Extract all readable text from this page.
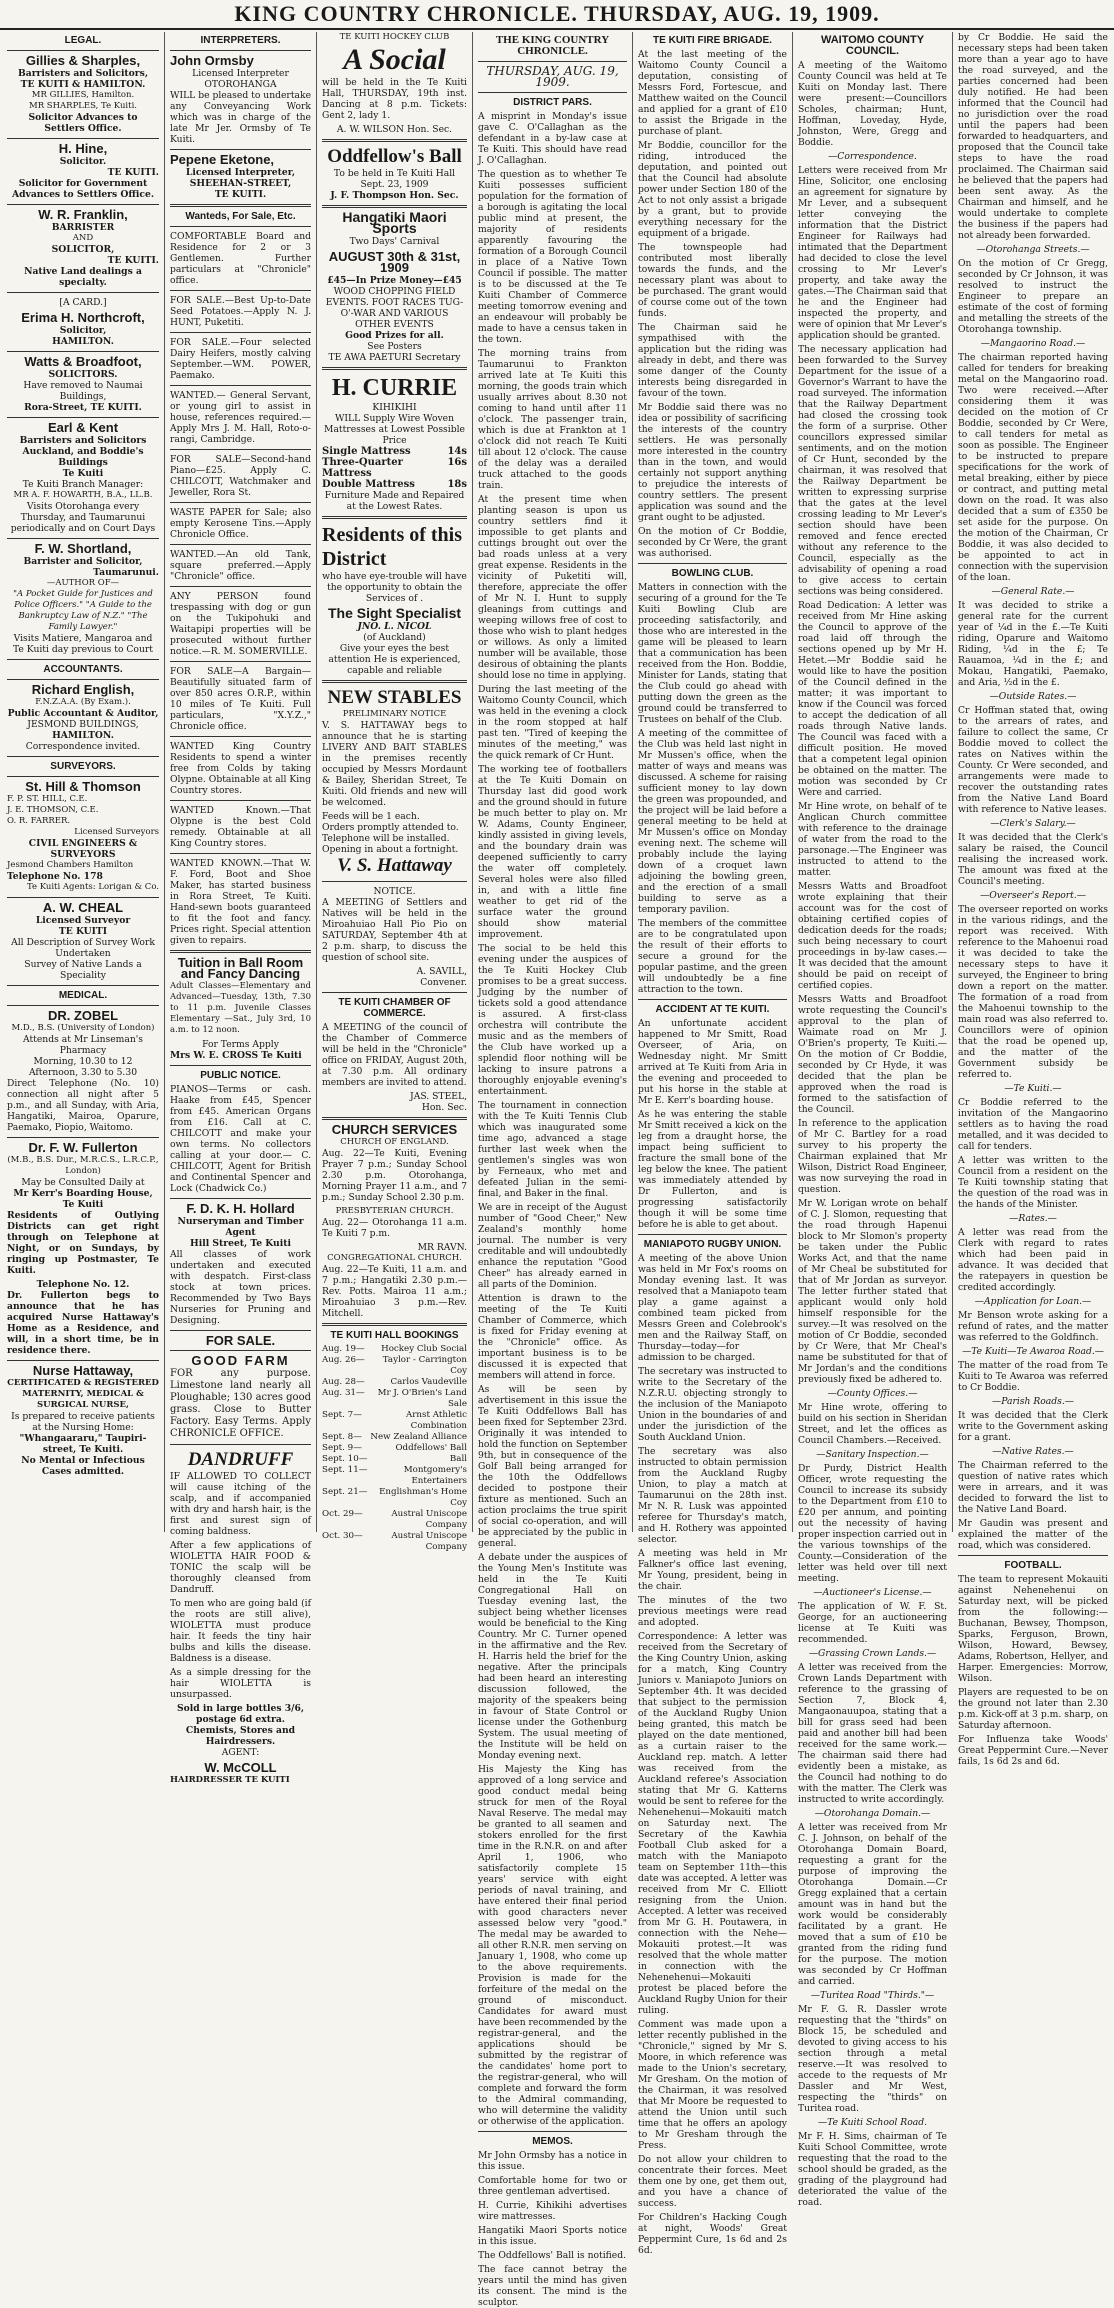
KING COUNTRY CHRONICLE. THURSDAY, AUG. 19, 1909.
LEGAL.
Gillies & Sharples,
Barristers and Solicitors,
TE KUITI & HAMILTON.
MR GILLIES, Hamilton.
MR SHARPLES, Te Kuiti.
Solicitor Advances to Settlers Office.
H. Hine,
Solicitor.
TE KUITI.
Solicitor for Government Advances to Settlers Office.
W. R. Franklin,
BARRISTER
AND
SOLICITOR,
TE KUITI.
Native Land dealings a specialty.
[A CARD.]
Erima H. Northcroft,
Solicitor,
HAMILTON.
Watts & Broadfoot,
SOLICITORS.
Have removed to Naumai Buildings,
Rora-Street, TE KUITI.
Earl & Kent
Barristers and Solicitors
Auckland, and Boddie's Buildings
Te Kuiti
Te Kuiti Branch Manager:
MR A. F. HOWARTH, B.A., LL.B.
Visits Otorohanga every Thursday, and Taumarunui periodically and on Court Days
F. W. Shortland,
Barrister and Solicitor,
Taumarunui.
—AUTHOR OF—
"A Pocket Guide for Justices and Police Officers." "A Guide to the Bankruptcy Law of N.Z." "The Family Lawyer."
Visits Matiere, Mangaroa and Te Kuiti day previous to Court
ACCOUNTANTS.
Richard English,
F.N.Z.A.A. (By Exam.).
Public Accountant & Auditor,
JESMOND BUILDINGS,
HAMILTON.
Correspondence invited.
SURVEYORS.
St. Hill & Thomson
F. P. ST. HILL, C.E.
J. E. THOMSON, C.E.
O. R. FARRER.
Licensed Surveyors
CIVIL ENGINEERS & SURVEYORS
Jesmond Chambers Hamilton
Telephone No. 178
Te Kuiti Agents: Lorigan & Co.
A. W. CHEAL
Licensed Surveyor
TE KUITI
All Description of Survey Work Undertaken
Survey of Native Lands a Speciality
MEDICAL.
DR. ZOBEL
M.D., B.S. (University of London)
Attends at Mr Linseman's Pharmacy
Morning, 10.30 to 12
Afternoon, 3.30 to 5.30

Direct Telephone (No. 10) connection all night after 5 p.m., and all Sunday, with Aria, Hangatiki, Mairoa, Oparure, Paemako, Piopio, Waitomo.

Dr. F. W. Fullerton
(M.B., B.S. Dur., M.R.C.S., L.R.C.P., London)
May be Consulted Daily at
Mr Kerr's Boarding House, Te Kuiti

Residents of Outlying Districts can get right through on Telephone at Night, or on Sundays, by ringing up Postmaster, Te Kuiti.

Telephone No. 12.

Dr. Fullerton begs to announce that he has acquired Nurse Hattaway's Home as a Residence, and will, in a short time, be in residence there.

Nurse Hattaway,
CERTIFICATED & REGISTERED
MATERNITY, MEDICAL & SURGICAL NURSE,
Is prepared to receive patients at the Nursing Home:
"Whangaararu," Taupiri-street, Te Kuiti.
No Mental or Infectious Cases admitted.
INTERPRETERS.
John Ormsby
Licensed Interpreter
OTOROHANGA

WILL be pleased to undertake any Conveyancing Work which was in charge of the late Mr Jer. Ormsby of Te Kuiti.

Pepene Eketone,
Licensed Interpreter,
SHEEHAN-STREET,
TE KUITI.
Wanteds, For Sale, Etc.

COMFORTABLE Board and Residence for 2 or 3 Gentlemen. Further particulars at "Chronicle" office.

FOR SALE.—Best Up-to-Date Seed Potatoes.—Apply N. J. HUNT, Puketiti.

FOR SALE.—Four selected Dairy Heifers, mostly calving September.—WM. POWER, Paemako.

WANTED.— General Servant, or young girl to assist in house, references required.—Apply Mrs J. M. Hall, Roto-o-rangi, Cambridge.

FOR SALE—Second-hand Piano—£25. Apply C. CHILCOTT, Watchmaker and Jeweller, Rora St.

WASTE PAPER for Sale; also empty Kerosene Tins.—Apply Chronicle Office.

WANTED.—An old Tank, square preferred.—Apply "Chronicle" office.

ANY PERSON found trespassing with dog or gun on the Tukipohuki and Waitapipi properties will be prosecuted without further notice.—R. M. SOMERVILLE.

FOR SALE—A Bargain—Beautifully situated farm of over 850 acres O.R.P., within 10 miles of Te Kuiti. Full particulars, "X.Y.Z.," Chronicle office.

WANTED King Country Residents to spend a winter free from Colds by taking Olypne. Obtainable at all King Country stores.

WANTED Known.—That Olypne is the best Cold remedy. Obtainable at all King Country stores.

WANTED KNOWN.—That W. F. Ford, Boot and Shoe Maker, has started business in Rora Street, Te Kuiti. Hand-sewn boots guaranteed to fit the foot and fancy. Prices right. Special attention given to repairs.

Tuition in Ball Room and Fancy Dancing

Adult Classes—Elementary and Advanced—Tuesday, 13th, 7.30 to 11 p.m. Juvenile Classes Elementary —Sat., July 3rd, 10 a.m. to 12 noon.

For Terms Apply
Mrs W. E. CROSS Te Kuiti
PUBLIC NOTICE.

PIANOS—Terms or cash. Haake from £45, Spencer from £45. American Organs from £16. Call at C. CHILCOTT and make your own terms. No collectors calling at your door.— C. CHILCOTT, Agent for British and Continental Spencer and Lock (Chadwick Co.)

F. D. K. H. Hollard
Nurseryman and Timber Agent
Hill Street, Te Kuiti

All classes of work undertaken and executed with despatch. First-class stock at town prices. Recommended by Two Bays Nurseries for Pruning and Designing.

FOR SALE.
GOOD FARM

FOR any purpose. Limestone land nearly all Ploughable; 130 acres good grass. Close to Butter Factory. Easy Terms. Apply CHRONICLE OFFICE.

DANDRUFF

IF ALLOWED TO COLLECT will cause itching of the scalp, and if accompanied with dry and harsh hair, is the first and surest sign of coming baldness.

After a few applications of WIOLETTA HAIR FOOD & TONIC the scalp will be thoroughly cleansed from Dandruff.

To men who are going bald (if the roots are still alive), WIOLETTA must produce hair. It feeds the tiny hair bulbs and kills the disease. Baldness is a disease.

As a simple dressing for the hair WIOLETTA is unsurpassed.

Sold in large bottles 3/6, postage 6d extra. Chemists, Stores and Hairdressers.
AGENT:
W. McCOLL
HAIRDRESSER TE KUITI
TE KUITI HOCKEY CLUB
A Social

will be held in the Te Kuiti Hall, THURSDAY, 19th inst. Dancing at 8 p.m. Tickets: Gent 2, lady 1.

A. W. WILSON Hon. Sec.
Oddfellow's Ball
To be held in Te Kuiti Hall
Sept. 23, 1909
J. F. Thompson Hon. Sec.
Hangatiki Maori Sports
Two Days' Carnival
AUGUST 30th & 31st, 1909
£45—In Prize Money—£45
WOOD CHOPPING FIELD EVENTS. FOOT RACES TUG-O'-WAR AND VARIOUS OTHER EVENTS
Good Prizes for all.
See Posters
TE AWA PAETURI Secretary
H. CURRIE
KIHIKIHI
WILL Supply Wire Woven Mattresses at Lowest Possible Price
Single Mattress	14s
Three-Quarter Mattress	16s
Double Mattress	18s
Furniture Made and Repaired at the Lowest Rates.
Residents of this District
who have eye-trouble will have the opportunity to obtain the Services of .
The Sight Specialist
JNO. L. NICOL
(of Auckland)
Give your eyes the best attention He is experienced, capable and reliable
NEW STABLES
PRELIMINARY NOTICE

V. S. HATTAWAY begs to announce that he is starting LIVERY AND BAIT STABLES in the premises recently occupied by Messrs Mordaunt & Bailey, Sheridan Street, Te Kuiti. Old friends and new will be welcomed.

Feeds will be 1 each.
Orders promptly attended to.
Telephone will be installed.
Opening in about a fortnight.
V. S. Hattaway
NOTICE.

A MEETING of Settlers and Natives will be held in the Miroahuiao Hall Pio Pio on SATURDAY, September 4th at 2 p.m. sharp, to discuss the question of school site.

A. SAVILL,
Convener.
TE KUITI CHAMBER OF COMMERCE.

A MEETING of the council of the Chamber of Commerce will be held in the "Chronicle" office on FRIDAY, August 20th, at 7.30 p.m. All ordinary members are invited to attend.

JAS. STEEL,
Hon. Sec.
CHURCH SERVICES
CHURCH OF ENGLAND.

Aug. 22—Te Kuiti, Evening Prayer 7 p.m.; Sunday School 2.30 p.m. Otorohanga, Morning Prayer 11 a.m., and 7 p.m.; Sunday School 2.30 p.m.

PRESBYTERIAN CHURCH.

Aug. 22— Otorohanga 11 a.m. Te Kuiti 7 p.m.

MR RAVN.
CONGREGATIONAL CHURCH.

Aug. 22—Te Kuiti, 11 a.m. and 7 p.m.; Hangatiki 2.30 p.m.—Rev. Potts. Mairoa 11 a.m.; Miroahuiao 3 p.m.—Rev. Mitchell.

TE KUITI HALL BOOKINGS
Aug. 19—	Hockey Club Social
Aug. 26—	Taylor - Carrington Coy
Aug. 28—	Carlos Vaudeville
Aug. 31—	Mr J. O'Brien's Land Sale
Sept. 7—	Arnst Athletic Combination
Sept. 8—	New Zealand Alliance
Sept. 9—	Oddfellows' Ball
Sept. 10—	Ball
Sept. 11—	Montgomery's Entertainers
Sept. 21—	Englishman's Home Coy
Oct. 29—	Austral Uniscope Company
Oct. 30—	Austral Uniscope Company
THE KING COUNTRY CHRONICLE.
THURSDAY, AUG. 19, 1909.
DISTRICT PARS.

A misprint in Monday's issue gave C. O'Callaghan as the defendant in a by-law case at Te Kuiti. This should have read J. O'Callaghan.

The question as to whether Te Kuiti possesses sufficient population for the formation of a borough is agitating the local public mind at present, the majority of residents apparently favouring the formation of a Borough Council in place of a Native Town Council if possible. The matter is to be discussed at the Te Kuiti Chamber of Commerce meeting tomorrow evening and an endeavour will probably be made to have a census taken in the town.

The morning trains from Taumarunui to Frankton arrived late at Te Kuiti this morning, the goods train which usually arrives about 8.30 not coming to hand until after 11 o'clock. The passenger train, which is due at Frankton at 1 o'clock did not reach Te Kuiti till about 12 o'clock. The cause of the delay was a derailed truck attached to the goods train.

At the present time when planting season is upon us country settlers find it impossible to get plants and cuttings brought out over the bad roads unless at a very great expense. Residents in the vicinity of Puketiti will, therefore, appreciate the offer of Mr N. I. Hunt to supply gleanings from cuttings and weeping willows free of cost to those who wish to plant hedges or willows. As only a limited number will be available, those desirous of obtaining the plants should lose no time in applying.

During the last meeting of the Waitomo County Council, which was held in the evening a clock in the room stopped at half past ten. "Tired of keeping the minutes of the meeting," was the quick remark of Cr Hunt.

The working tee of footballers at the Te Kuiti Domain on Thursday last did good work and the ground should in future be much better to play on. Mr W. Adams, County Engineer, kindly assisted in giving levels, and the boundary drain was deepened sufficiently to carry the water off completely. Several holes were also filled in, and with a little fine weather to get rid of the surface water the ground should show material improvement.

The social to be held this evening under the auspices of the Te Kuiti Hockey Club promises to be a great success. Judging by the number of tickets sold a good attendance is assured. A first-class orchestra will contribute the music and as the members of the Club have worked up a splendid floor nothing will be lacking to insure patrons a thoroughly enjoyable evening's entertainment.

The tournament in connection with the Te Kuiti Tennis Club which was inaugurated some time ago, advanced a stage further last week when the gentlemen's singles was won by Ferneaux, who met and defeated Julian in the semi-final, and Baker in the final.

We are in receipt of the August number of "Good Cheer," New Zealand's monthly home journal. The number is very creditable and will undoubtedly enhance the reputation "Good Cheer" has already earned in all parts of the Dominion.

Attention is drawn to the meeting of the Te Kuiti Chamber of Commerce, which is fixed for Friday evening at the "Chronicle" office. As important business is to be discussed it is expected that members will attend in force.

As will be seen by advertisement in this issue the Te Kuiti Oddfellows Ball has been fixed for September 23rd. Originally it was intended to hold the function on September 9th, but in consequence of the Golf Ball being arranged for the 10th the Oddfellows decided to postpone their fixture as mentioned. Such an action proclaims the true spirit of social co-operation, and will be appreciated by the public in general.

A debate under the auspices of the Young Men's Institute was held in the Te Kuiti Congregational Hall on Tuesday evening last, the subject being whether licenses would be beneficial to the King Country. Mr C. Turner opened in the affirmative and the Rev. H. Harris held the brief for the negative. After the principals had been heard an interesting discussion followed, the majority of the speakers being in favour of State Control or license under the Gothenburg System. The usual meeting of the Institute will be held on Monday evening next.

His Majesty the King has approved of a long service and good conduct medal being struck for men of the Royal Naval Reserve. The medal may be granted to all seamen and stokers enrolled for the first time in the R.N.R. on and after April 1, 1906, who satisfactorily complete 15 years' service with eight periods of naval training, and have entered their final period with good characters never assessed below very "good." The medal may be awarded to all other R.N.R. men serving on January 1, 1908, who come up to the above requirements. Provision is made for the forfeiture of the medal on the ground of misconduct. Candidates for award must have been recommended by the registrar-general, and the applications should be submitted by the registrar of the candidates' home port to the registrar-general, who will complete and forward the form to the Admiral commanding, who will determine the validity or otherwise of the application.

MEMOS.

Mr John Ormsby has a notice in this issue.

Comfortable home for two or three gentleman advertised.

H. Currie, Kihikihi advertises wire mattresses.

Hangatiki Maori Sports notice in this issue.

The Oddfellows' Ball is notified.

The face cannot betray the years until the mind has given its consent. The mind is the sculptor.

TE KUITI FIRE BRIGADE.

At the last meeting of the Waitomo County Council a deputation, consisting of Messrs Ford, Fortescue, and Matthew waited on the Council and applied for a grant of £10 to assist the Brigade in the purchase of plant.

Mr Boddie, councillor for the riding, introduced the deputation, and pointed out that the Council had absolute power under Section 180 of the Act to not only assist a brigade by a grant, but to provide everything necessary for the equipment of a brigade.

The townspeople had contributed most liberally towards the funds, and the necessary plant was about to be purchased. The grant would of course come out of the town funds.

The Chairman said he sympathised with the application but the riding was already in debt, and there was some danger of the County interests being disregarded in favour of the town.

Mr Boddie said there was no idea or possibility of sacrificing the interests of the country settlers. He was personally more interested in the country than in the town, and would certainly not support anything to prejudice the interests of country settlers. The present application was sound and the grant ought to be adjusted.

On the motion of Cr Boddie, seconded by Cr Were, the grant was authorised.

BOWLING CLUB.

Matters in connection with the securing of a ground for the Te Kuiti Bowling Club are proceeding satisfactorily, and those who are interested in the game will be pleased to learn that a communication has been received from the Hon. Boddie, Minister for Lands, stating that the Club could go ahead with putting down the green as the ground could be transferred to Trustees on behalf of the Club.

A meeting of the committee of the Club was held last night in Mr Mussen's office, when the matter of ways and means was discussed. A scheme for raising sufficient money to lay down the green was propounded, and the project will be laid before a general meeting to be held at Mr Mussen's office on Monday evening next. The scheme will probably include the laying down of a croquet lawn adjoining the bowling green, and the erection of a small building to serve as a temporary pavilion.

The members of the committee are to be congratulated upon the result of their efforts to secure a ground for the popular pastime, and the green will undoubtedly be a fine attraction to the town.

ACCIDENT AT TE KUITI.

An unfortunate accident happened to Mr Smitt, Road Overseer, of Aria, on Wednesday night. Mr Smitt arrived at Te Kuiti from Aria in the evening and proceeded to put his horse in the stable at Mr E. Kerr's boarding house.

As he was entering the stable Mr Smitt received a kick on the leg from a draught horse, the impact being sufficient to fracture the small bone of the leg below the knee. The patient was immediately attended by Dr Fullerton, and is progressing satisfactorily though it will be some time before he is able to get about.

MANIAPOTO RUGBY UNION.

A meeting of the above Union was held in Mr Fox's rooms on Monday evening last. It was resolved that a Maniapoto team play a game against a combined team picked from Messrs Green and Colebrook's men and the Railway Staff, on Thursday—today—for admission to be charged.

The secretary was instructed to write to the Secretary of the N.Z.R.U. objecting strongly to the inclusion of the Maniapoto Union in the boundaries of and under the jurisdiction of the South Auckland Union.

The secretary was also instructed to obtain permission from the Auckland Rugby Union, to play a match at Taumarunui on the 28th inst. Mr N. R. Lusk was appointed referee for Thursday's match, and H. Rothery was appointed selector.

A meeting was held in Mr Falkner's office last evening, Mr Young, president, being in the chair.

The minutes of the two previous meetings were read and adopted.

Correspondence: A letter was received from the Secretary of the King Country Union, asking for a match, King Country Juniors v. Maniapoto Juniors on September 4th. It was decided that subject to the permission of the Auckland Rugby Union being granted, this match be played on the date mentioned, as a curtain raiser to the Auckland rep. match. A letter was received from the Auckland referee's Association stating that Mr G. Katterns would be sent to referee for the Nehenehenui—Mokauiti match on Saturday next. The Secretary of the Kawhia Football Club asked for a match with the Maniapoto team on September 11th—this date was accepted. A letter was received from Mr C. Elliott resigning from the Union. Accepted. A letter was received from Mr G. H. Poutawera, in connection with the Nehe—Mokauiti protest.—It was resolved that the whole matter in connection with the Nehenehenui—Mokauiti protest be placed before the Auckland Rugby Union for their ruling.

Comment was made upon a letter recently published in the "Chronicle," signed by Mr S. Moore, in which reference was made to the Union's secretary, Mr Gresham. On the motion of the Chairman, it was resolved that Mr Moore be requested to attend the Union until such time that he offers an apology to Mr Gresham through the Press.

Do not allow your children to concentrate their forces. Meet them one by one, get them out, and you have a chance of success.

For Children's Hacking Cough at night, Woods' Great Peppermint Cure, 1s 6d and 2s 6d.

WAITOMO COUNTY COUNCIL.

A meeting of the Waitomo County Council was held at Te Kuiti on Monday last. There were present:—Councillors Scholes, chairman; Hunt, Hoffman, Loveday, Hyde, Johnston, Were, Gregg and Boddie.

—Correspondence.

Letters were received from Mr Hine, Solicitor, one enclosing an agreement for signature by Mr Lever, and a subsequent letter conveying the information that the District Engineer for Railways had intimated that the Department had decided to close the level crossing to Mr Lever's property, and take away the gates.—The Chairman said that he and the Engineer had inspected the property, and were of opinion that Mr Lever's application should be granted.

The necessary application had been forwarded to the Survey Department for the issue of a Governor's Warrant to have the road surveyed. The information that the Railway Department had closed the crossing took the form of a surprise. Other councillors expressed similar sentiments, and on the motion of Cr Hunt, seconded by the chairman, it was resolved that the Railway Department be written to expressing surprise that the gates at the level crossing leading to Mr Lever's section should have been removed and fence erected without any reference to the Council, especially as the advisability of opening a road to give access to certain sections was being considered.

Road Dedication: A letter was received from Mr Hine asking the Council to approve of the road laid off through the sections opened up by Mr H. Hetet.—Mr Boddie said he would like to have the position of the Council defined in the matter; it was important to know if the Council was forced to accept the dedication of all roads through Native lands. The Council was faced with a difficult position. He moved that a competent legal opinion be obtained on the matter. The motion was seconded by Cr Were and carried.

Mr Hine wrote, on behalf of te Anglican Church committee with reference to the drainage of water from the road to the parsonage.—The Engineer was instructed to attend to the matter.

Messrs Watts and Broadfoot wrote explaining that their account was for the cost of obtaining certified copies of dedication deeds for the roads; such being necessary to court proceedings in by-law cases.—It was decided that the amount should be paid on receipt of certified copies.

Messrs Watts and Broadfoot wrote requesting the Council's approval to the plan of Waimate road on Mr J. O'Brien's property, Te Kuiti.—On the motion of Cr Boddie, seconded by Cr Hyde, it was decided that the plan be approved when the road is formed to the satisfaction of the Council.

In reference to the application of Mr C. Bartley for a road survey to his property the Chairman explained that Mr Wilson, District Road Engineer, was now surveying the road in question.

Mr W. Lorigan wrote on behalf of C. J. Slomon, requesting that the road through Hapenui block to Mr Slomon's property be taken under the Public Works Act, and that the name of Mr Cheal be substituted for that of Mr Jordan as surveyor. The letter further stated that applicant would only hold himself responsible for the survey.—It was resolved on the motion of Cr Boddie, seconded by Cr Were, that Mr Cheal's name be substituted for that of Mr Jordan's and the conditions previously fixed be adhered to.

—County Offices.—

Mr Hine wrote, offering to build on his section in Sheridan Street, and let the offices as Council Chambers.—Received.

—Sanitary Inspection.—

Dr Purdy, District Health Officer, wrote requesting the Council to increase its subsidy to the Department from £10 to £20 per annum, and pointing out the necessity of having proper inspection carried out in the various townships of the County.—Consideration of the letter was held over till next meeting.

—Auctioneer's License.—

The application of W. F. St. George, for an auctioneering license at Te Kuiti was recommended.

—Grassing Crown Lands.—

A letter was received from the Crown Lands Department with reference to the grassing of Section 7, Block 4, Mangaonauupoa, stating that a bill for grass seed had been paid and another bill had been received for the same work.—The chairman said there had evidently been a mistake, as the Council had nothing to do with the matter. The Clerk was instructed to write accordingly.

—Otorohanga Domain.—

A letter was received from Mr C. J. Johnson, on behalf of the Otorohanga Domain Board, requesting a grant for the purpose of improving the Otorohanga Domain.—Cr Gregg explained that a certain amount was in hand but the work would be considerably facilitated by a grant. He moved that a sum of £10 be granted from the riding fund for the purpose. The motion was seconded by Cr Hoffman and carried.

—Turitea Road "Thirds."—

Mr F. G. R. Dassler wrote requesting that the "thirds" on Block 15, be scheduled and devoted to giving access to his section through a metal reserve.—It was resolved to accede to the requests of Mr Dassler and Mr West, respecting the "thirds" on Turitea road.

—Te Kuiti School Road.

Mr F. H. Sims, chairman of Te Kuiti School Committee, wrote requesting that the road to the school should be graded, as the grading of the playground had deteriorated the value of the road.

by Cr Boddie. He said the necessary steps had been taken more than a year ago to have the road surveyed, and the parties concerned had been duly notified. He had been informed that the Council had no jurisdiction over the road until the papers had been forwarded to headquarters, and proposed that the Council take steps to have the road proclaimed. The Chairman said he believed that the papers had been sent away. As the Chairman and himself, and he would undertake to complete the business if the papers had not already been forwarded.

—Otorohanga Streets.—

On the motion of Cr Gregg, seconded by Cr Johnson, it was resolved to instruct the Engineer to prepare an estimate of the cost of forming and metalling the streets of the Otorohanga township.

—Mangaorino Road.—

The chairman reported having called for tenders for breaking metal on the Mangaorino road. Two were received.—After considering them it was decided on the motion of Cr Boddie, seconded by Cr Were, to call tenders for metal as soon as possible. The Engineer to be instructed to prepare specifications for the work of metal breaking, either by piece or contract, and putting metal down on the road. It was also decided that a sum of £350 be set aside for the purpose. On the motion of the Chairman, Cr Boddie, it was also decided to be appointed to act in connection with the supervision of the loan.

—General Rate.—

It was decided to strike a general rate for the current year of ¼d in the £.—Te Kuiti riding, Oparure and Waitomo Riding, ¼d in the £; Te Rauamoa, ¼d in the £; and Mokau, Hangatiki, Paemako, and Aria, ½d in the £.

—Outside Rates.—

Cr Hoffman stated that, owing to the arrears of rates, and failure to collect the same, Cr Boddie moved to collect the rates on Natives within the County. Cr Were seconded, and arrangements were made to recover the outstanding rates from the Native Land Board with reference to Native leases.

—Clerk's Salary.—

It was decided that the Clerk's salary be raised, the Council realising the increased work. The amount was fixed at the Council's meeting.

—Overseer's Report.—

The overseer reported on works in the various ridings, and the report was received. With reference to the Mahoenui road it was decided to take the necessary steps to have it surveyed, the Engineer to bring down a report on the matter. The formation of a road from the Mahoenui township to the main road was also referred to. Councillors were of opinion that the road be opened up, and the matter of the Government subsidy be referred to.

—Te Kuiti.—

Cr Boddie referred to the invitation of the Mangaorino settlers as to having the road metalled, and it was decided to call for tenders.

A letter was written to the Council from a resident on the Te Kuiti township stating that the question of the road was in the hands of the Minister.

—Rates.—

A letter was read from the Clerk with regard to rates which had been paid in advance. It was decided that the ratepayers in question be credited accordingly.

—Application for Loan.—

Mr Benson wrote asking for a refund of rates, and the matter was referred to the Goldfinch.

—Te Kuiti—Te Awaroa Road.—

The matter of the road from Te Kuiti to Te Awaroa was referred to Cr Boddie.

—Parish Roads.—

It was decided that the Clerk write to the Government asking for a grant.

—Native Rates.—

The Chairman referred to the question of native rates which were in arrears, and it was decided to forward the list to the Native Land Board.

Mr Gaudin was present and explained the matter of the road, which was considered.

FOOTBALL.

The team to represent Mokauiti against Nehenehenui on Saturday next, will be picked from the following:— Buchanan, Bewsey, Thompson, Sparks, Ferguson, Brown, Wilson, Howard, Bewsey, Adams, Robertson, Hellyer, and Harper. Emergencies: Morrow, Wilson.

Players are requested to be on the ground not later than 2.30 p.m. Kick-off at 3 p.m. sharp, on Saturday afternoon.

For Influenza take Woods' Great Peppermint Cure.—Never fails, 1s 6d 2s and 6d.
